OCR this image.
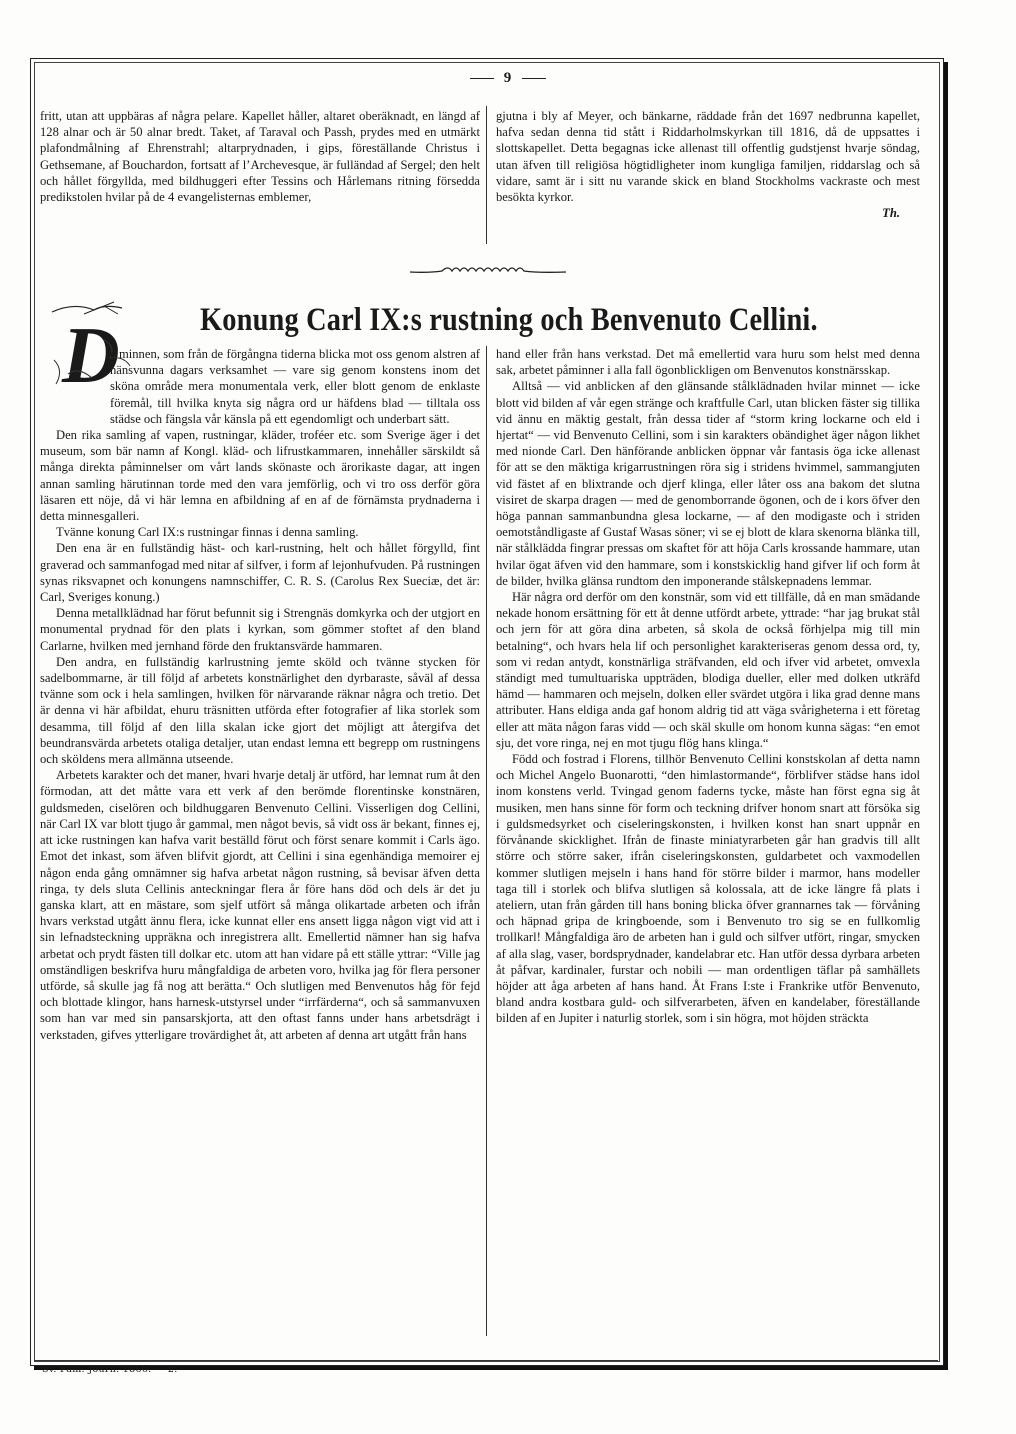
9

fritt, utan att uppbäras af några pelare. Kapellet håller, altaret oberäknadt, en längd af 128 alnar och är 50 alnar bredt. Taket, af Taraval och Passh, prydes med en utmärkt plafondmålning af Ehrenstrahl; altarprydnaden, i gips, föreställande Christus i Gethsemane, af Bouchardon, fortsatt af l’Archevesque, är fulländad af Sergel; den helt och hållet förgyllda, med bildhuggeri efter Tessins och Hårlemans ritning försedda predikstolen hvilar på de 4 evangelisternas emblemer,

gjutna i bly af Meyer, och bänkarne, räddade från det 1697 nedbrunna kapellet, hafva sedan denna tid stått i Riddarholmskyrkan till 1816, då de uppsattes i slottskapellet. Detta begagnas icke allenast till offentlig gudstjenst hvarje söndag, utan äfven till religiösa högtidligheter inom kungliga familjen, riddarslag och så vidare, samt är i sitt nu varande skick en bland Stockholms vackraste och mest besökta kyrkor.

Th.
Konung Carl IX:s rustning och Benvenuto Cellini.
D

e minnen, som från de förgångna tiderna blicka mot oss genom alstren af hänsvunna dagars verksamhet — vare sig genom konstens inom det sköna område mera monumentala verk, eller blott genom de enklaste föremål, till hvilka knyta sig några ord ur häfdens blad — tilltala oss städse och fängsla vår känsla på ett egendomligt och underbart sätt.

Den rika samling af vapen, rustningar, kläder, troféer etc. som Sverige äger i det museum, som bär namn af Kongl. kläd- och lifrustkammaren, innehåller särskildt så många direkta påminnelser om vårt lands skönaste och ärorikaste dagar, att ingen annan samling härutinnan torde med den vara jemförlig, och vi tro oss derför göra läsaren ett nöje, då vi här lemna en afbildning af en af de förnämsta prydnaderna i detta minnesgalleri.

Tvänne konung Carl IX:s rustningar finnas i denna samling.

Den ena är en fullständig häst- och karl-rustning, helt och hållet förgylld, fint graverad och sammanfogad med nitar af silfver, i form af lejonhufvuden. På rustningen synas riksvapnet och konungens namnschiffer, C. R. S. (Carolus Rex Sueciæ, det är: Carl, Sveriges konung.)

Denna metallklädnad har förut befunnit sig i Strengnäs domkyrka och der utgjort en monumental prydnad för den plats i kyrkan, som gömmer stoftet af den bland Carlarne, hvilken med jernhand förde den fruktansvärde hammaren.

Den andra, en fullständig karlrustning jemte sköld och tvänne stycken för sadelbommarne, är till följd af arbetets konstnärlighet den dyrbaraste, såväl af dessa tvänne som ock i hela samlingen, hvilken för närvarande räknar några och tretio. Det är denna vi här afbildat, ehuru träsnitten utförda efter fotografier af lika storlek som desamma, till följd af den lilla skalan icke gjort det möjligt att återgifva det beundransvärda arbetets otaliga detaljer, utan endast lemna ett begrepp om rustningens och sköldens mera allmänna utseende.

Arbetets karakter och det maner, hvari hvarje detalj är utförd, har lemnat rum åt den förmodan, att det måtte vara ett verk af den berömde florentinske konstnären, guldsmeden, ciselören och bildhuggaren Benvenuto Cellini. Visserligen dog Cellini, när Carl IX var blott tjugo år gammal, men något bevis, så vidt oss är bekant, finnes ej, att icke rustningen kan hafva varit beställd förut och först senare kommit i Carls ägo. Emot det inkast, som äfven blifvit gjordt, att Cellini i sina egenhändiga memoirer ej någon enda gång omnämner sig hafva arbetat någon rustning, så bevisar äfven detta ringa, ty dels sluta Cellinis anteckningar flera år före hans död och dels är det ju ganska klart, att en mästare, som sjelf utfört så många olikartade arbeten och ifrån hvars verkstad utgått ännu flera, icke kunnat eller ens ansett ligga någon vigt vid att i sin lefnadsteckning uppräkna och inregistrera allt. Emellertid nämner han sig hafva arbetat och prydt fästen till dolkar etc. utom att han vidare på ett ställe yttrar: “Ville jag omständligen beskrifva huru mångfaldiga de arbeten voro, hvilka jag för flera personer utförde, så skulle jag få nog att berätta.“ Och slutligen med Benvenutos håg för fejd och blottade klingor, hans harnesk-utstyrsel under “irrfärderna“, och så sammanvuxen som han var med sin pansarskjorta, att den oftast fanns under hans arbetsdrägt i verkstaden, gifves ytterligare trovärdighet åt, att arbeten af denna art utgått från hans

hand eller från hans verkstad. Det må emellertid vara huru som helst med denna sak, arbetet påminner i alla fall ögonblickligen om Benvenutos konstnärsskap.

Alltså — vid anblicken af den glänsande stålklädnaden hvilar minnet — icke blott vid bilden af vår egen stränge och kraftfulle Carl, utan blicken fäster sig tillika vid ännu en mäktig gestalt, från dessa tider af “storm kring lockarne och eld i hjertat“ — vid Benvenuto Cellini, som i sin karakters obändighet äger någon likhet med nionde Carl. Den hänförande anblicken öppnar vår fantasis öga icke allenast för att se den mäktiga krigarrustningen röra sig i stridens hvimmel, sammangjuten vid fästet af en blixtrande och djerf klinga, eller låter oss ana bakom det slutna visiret de skarpa dragen — med de genomborrande ögonen, och de i kors öfver den höga pannan sammanbundna glesa lockarne, — af den modigaste och i striden oemotståndligaste af Gustaf Wasas söner; vi se ej blott de klara skenorna blänka till, när stålklädda fingrar pressas om skaftet för att höja Carls krossande hammare, utan hvilar ögat äfven vid den hammare, som i konstskicklig hand gifver lif och form åt de bilder, hvilka glänsa rundtom den imponerande stålskepnadens lemmar.

Här några ord derför om den konstnär, som vid ett tillfälle, då en man smädande nekade honom ersättning för ett åt denne utfördt arbete, yttrade: “har jag brukat stål och jern för att göra dina arbeten, så skola de också förhjelpa mig till min betalning“, och hvars hela lif och personlighet karakteriseras genom dessa ord, ty, som vi redan antydt, konstnärliga sträfvanden, eld och ifver vid arbetet, omvexla ständigt med tumultuariska uppträden, blodiga dueller, eller med dolken utkräfd hämd — hammaren och mejseln, dolken eller svärdet utgöra i lika grad denne mans attributer. Hans eldiga anda gaf honom aldrig tid att väga svårigheterna i ett företag eller att mäta någon faras vidd — och skäl skulle om honom kunna sägas: “en emot sju, det vore ringa, nej en mot tjugu flög hans klinga.“

Född och fostrad i Florens, tillhör Benvenuto Cellini konstskolan af detta namn och Michel Angelo Buonarotti, “den himlastormande“, förblifver städse hans idol inom konstens verld. Tvingad genom faderns tycke, måste han först egna sig åt musiken, men hans sinne för form och teckning drifver honom snart att försöka sig i guldsmedsyrket och ciseleringskonsten, i hvilken konst han snart uppnår en förvånande skicklighet. Ifrån de finaste miniatyrarbeten går han gradvis till allt större och större saker, ifrån ciseleringskonsten, guldarbetet och vaxmodellen kommer slutligen mejseln i hans hand för större bilder i marmor, hans modeller taga till i storlek och blifva slutligen så kolossala, att de icke längre få plats i ateliern, utan från gården till hans boning blicka öfver grannarnes tak — förvåning och häpnad gripa de kringboende, som i Benvenuto tro sig se en fullkomlig trollkarl! Mångfaldiga äro de arbeten han i guld och silfver utfört, ringar, smycken af alla slag, vaser, bordsprydnader, kandelabrar etc. Han utför dessa dyrbara arbeten åt påfvar, kardinaler, furstar och nobili — man ordentligen täflar på samhällets höjder att åga arbeten af hans hand. Åt Frans I:ste i Frankrike utför Benvenuto, bland andra kostbara guld- och silfverarbeten, äfven en kandelaber, föreställande bilden af en Jupiter i naturlig storlek, som i sin högra, mot höjden sträckta

Sv. Fam.-Journ. 1866. — 2.
